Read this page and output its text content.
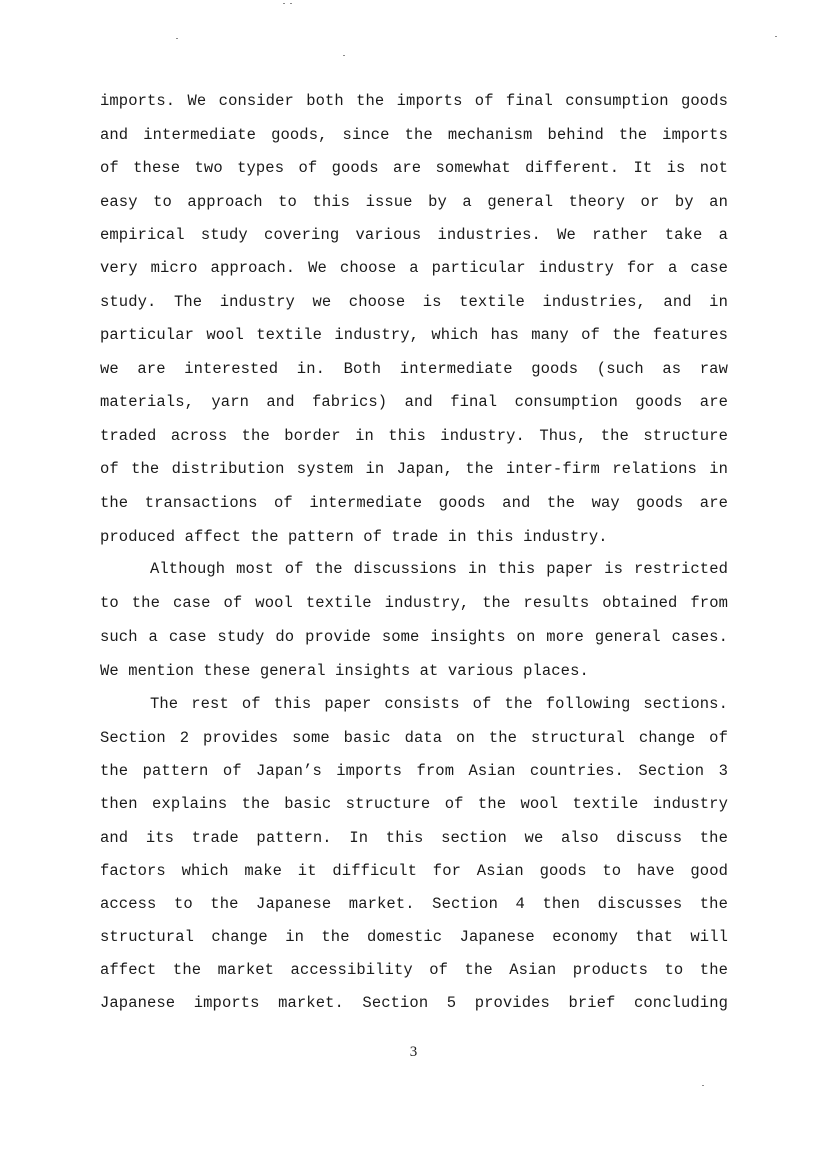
imports. We consider both the imports of final consumption goods
and intermediate goods, since the mechanism behind the imports
of these two types of goods are somewhat different. It is not
easy to approach to this issue by a general theory or by an
empirical study covering various industries. We rather take a
very micro approach. We choose a particular industry for a case
study. The industry we choose is textile industries, and in
particular wool textile industry, which has many of the features
we are interested in. Both intermediate goods (such as raw
materials, yarn and fabrics) and final consumption goods are
traded across the border in this industry. Thus, the structure
of the distribution system in Japan, the inter-firm relations in
the transactions of intermediate goods and the way goods are
produced affect the pattern of trade in this industry.
Although most of the discussions in this paper is restricted
to the case of wool textile industry, the results obtained from
such a case study do provide some insights on more general cases.
We mention these general insights at various places.
The rest of this paper consists of the following sections.
Section 2 provides some basic data on the structural change of
the pattern of Japan’s imports from Asian countries. Section 3
then explains the basic structure of the wool textile industry
and its trade pattern. In this section we also discuss the
factors which make it difficult for Asian goods to have good
access to the Japanese market. Section 4 then discusses the
structural change in the domestic Japanese economy that will
affect the market accessibility of the Asian products to the
Japanese imports market. Section 5 provides brief concluding
3
